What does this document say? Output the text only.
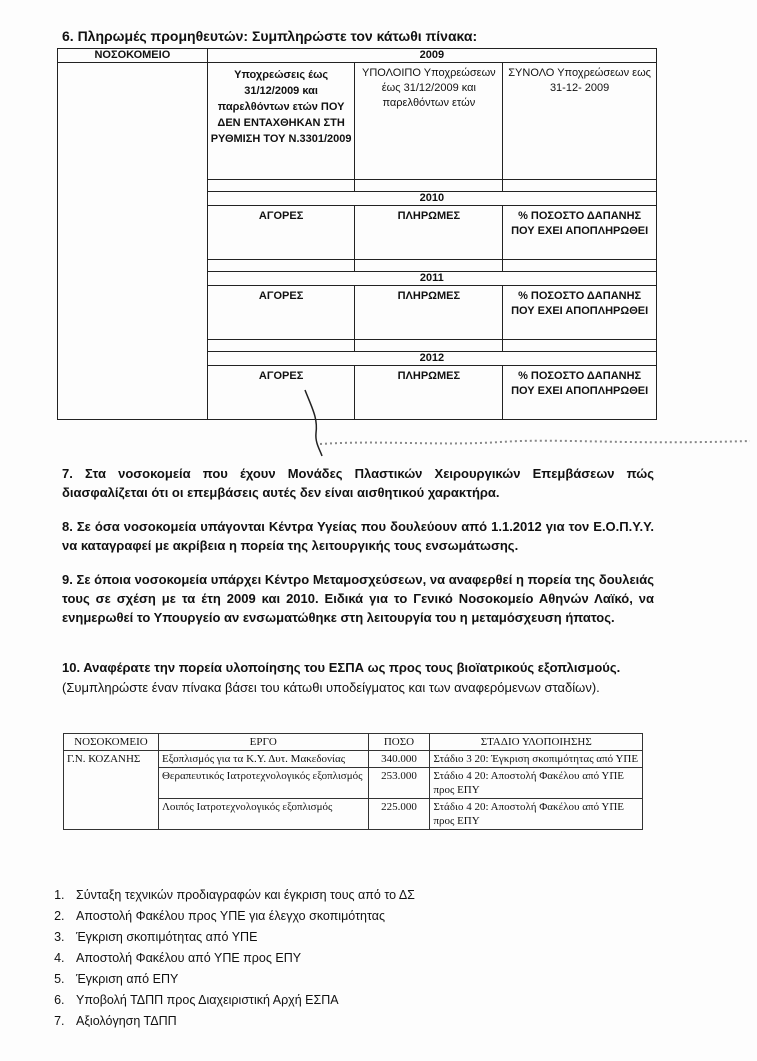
6. Πληρωμές προμηθευτών: Συμπληρώστε τον κάτωθι πίνακα:
ΝΟΣΟΚΟΜΕΙΟ	2009		
	Υποχρεώσεις έως 31/12/2009 και παρελθόντων ετών ΠΟΥ ΔΕΝ ΕΝΤΑΧΘΗΚΑΝ ΣΤΗ ΡΥΘΜΙΣΗ ΤΟΥ Ν.3301/2009	ΥΠΟΛΟΙΠΟ Υποχρεώσεων έως 31/12/2009 και παρελθόντων ετών	ΣΥΝΟΛΟ Υποχρεώσεων εως 31-12- 2009

	2010		
	ΑΓΟΡΕΣ	ΠΛΗΡΩΜΕΣ	% ΠΟΣΟΣΤΟ ΔΑΠΑΝΗΣ ΠΟΥ ΕΧΕΙ ΑΠΟΠΛΗΡΩΘΕΙ

	2011		
	ΑΓΟΡΕΣ	ΠΛΗΡΩΜΕΣ	% ΠΟΣΟΣΤΟ ΔΑΠΑΝΗΣ ΠΟΥ ΕΧΕΙ ΑΠΟΠΛΗΡΩΘΕΙ

	2012		
	ΑΓΟΡΕΣ	ΠΛΗΡΩΜΕΣ	% ΠΟΣΟΣΤΟ ΔΑΠΑΝΗΣ ΠΟΥ ΕΧΕΙ ΑΠΟΠΛΗΡΩΘΕΙ
7. Στα νοσοκομεία που έχουν Μονάδες Πλαστικών Χειρουργικών Επεμβάσεων πώς διασφαλίζεται ότι οι επεμβάσεις αυτές δεν είναι αισθητικού χαρακτήρα.
8. Σε όσα νοσοκομεία υπάγονται Κέντρα Υγείας που δουλεύουν από 1.1.2012 για τον Ε.Ο.Π.Υ.Υ. να καταγραφεί με ακρίβεια η πορεία της λειτουργικής τους ενσωμάτωσης.
9. Σε όποια νοσοκομεία υπάρχει Κέντρο Μεταμοσχεύσεων, να αναφερθεί η πορεία της δουλειάς τους σε σχέση με τα έτη 2009 και 2010. Ειδικά για το Γενικό Νοσοκομείο Αθηνών Λαϊκό, να ενημερωθεί το Υπουργείο αν ενσωματώθηκε στη λειτουργία του η μεταμόσχευση ήπατος.
10. Αναφέρατε την πορεία υλοποίησης του ΕΣΠΑ ως προς τους βιοϊατρικούς εξοπλισμούς.
(Συμπληρώστε έναν πίνακα βάσει του κάτωθι υποδείγματος και των αναφερόμενων σταδίων).
ΝΟΣΟΚΟΜΕΙΟ	ΕΡΓΟ	ΠΟΣΟ	ΣΤΑΔΙΟ ΥΛΟΠΟΙΗΣΗΣ
Γ.Ν. ΚΟΖΑΝΗΣ	Εξοπλισμός για τα Κ.Υ. Δυτ. Μακεδονίας	340.000	Στάδιο 3 20: Έγκριση σκοπιμότητας από ΥΠΕ
	Θεραπευτικός Ιατροτεχνολογικός εξοπλισμός	253.000	Στάδιο 4 20: Αποστολή Φακέλου από ΥΠΕ προς ΕΠΥ
	Λοιπός Ιατροτεχνολογικός εξοπλισμός	225.000	Στάδιο 4 20: Αποστολή Φακέλου από ΥΠΕ προς ΕΠΥ
1. Σύνταξη τεχνικών προδιαγραφών και έγκριση τους από το ΔΣ
2. Αποστολή Φακέλου προς ΥΠΕ για έλεγχο σκοπιμότητας
3. Έγκριση σκοπιμότητας από ΥΠΕ
4. Αποστολή Φακέλου από ΥΠΕ προς ΕΠΥ
5. Έγκριση από ΕΠΥ
6. Υποβολή ΤΔΠΠ προς Διαχειριστική Αρχή ΕΣΠΑ
7. Αξιολόγηση ΤΔΠΠ
